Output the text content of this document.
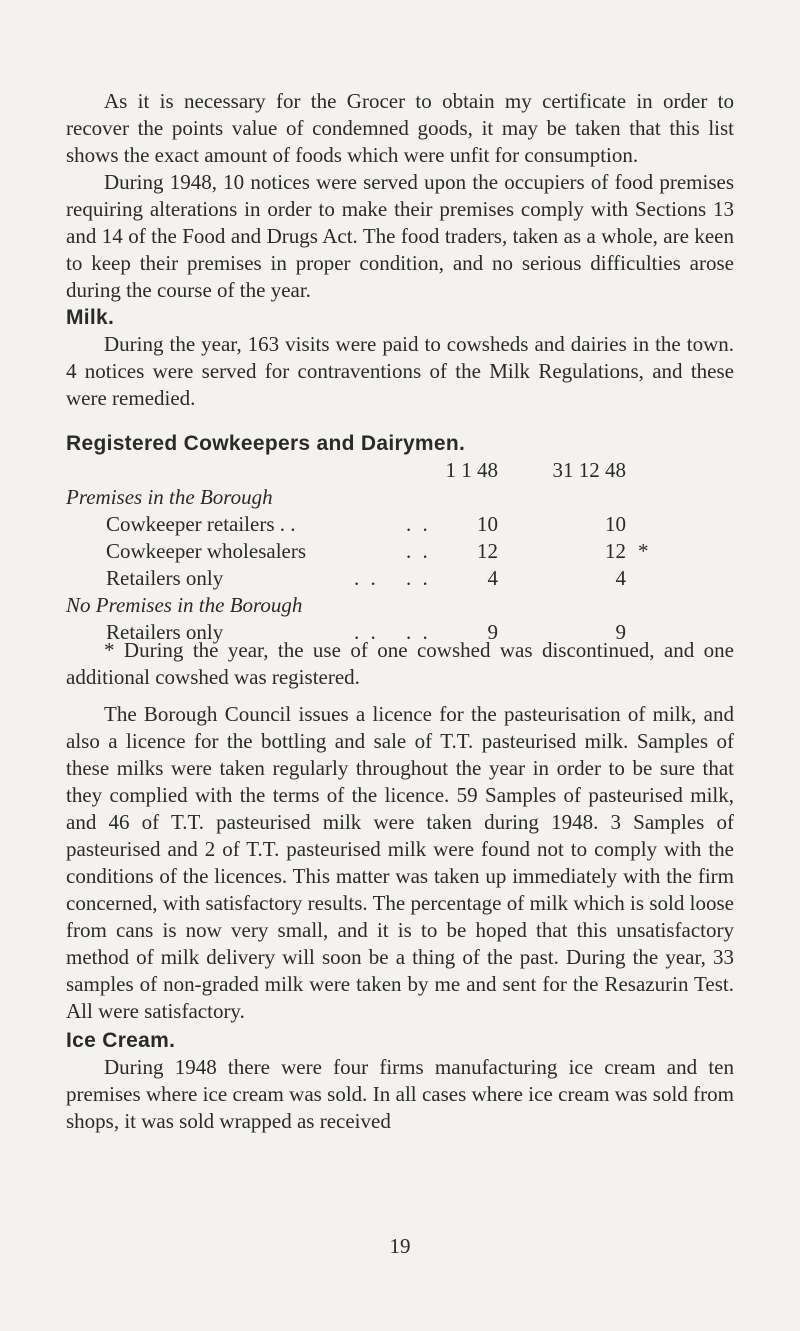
As it is necessary for the Grocer to obtain my certificate in order to recover the points value of condemned goods, it may be taken that this list shows the exact amount of foods which were unfit for consumption.

During 1948, 10 notices were served upon the occupiers of food premises requiring alterations in order to make their premises comply with Sections 13 and 14 of the Food and Drugs Act. The food traders, taken as a whole, are keen to keep their premises in proper condition, and no serious difficulties arose during the course of the year.

Milk.

During the year, 163 visits were paid to cowsheds and dairies in the town. 4 notices were served for contraventions of the Milk Regulations, and these were remedied.

Registered Cowkeepers and Dairymen.
1 1 48	31 12 48
Premises in the Borough
Cowkeeper retailers . .	. .	10	10
Cowkeeper wholesalers	. .	12	12 *
Retailers only	. . . .	4	4
No Premises in the Borough
Retailers only	. . . .	9	9

* During the year, the use of one cowshed was discontinued, and one additional cowshed was registered.

The Borough Council issues a licence for the pasteurisation of milk, and also a licence for the bottling and sale of T.T. pasteurised milk. Samples of these milks were taken regularly throughout the year in order to be sure that they complied with the terms of the licence. 59 Samples of pasteurised milk, and 46 of T.T. pasteurised milk were taken during 1948. 3 Samples of pasteurised and 2 of T.T. pasteurised milk were found not to comply with the conditions of the licences. This matter was taken up immediately with the firm concerned, with satisfactory results. The percentage of milk which is sold loose from cans is now very small, and it is to be hoped that this unsatisfactory method of milk delivery will soon be a thing of the past. During the year, 33 samples of non-graded milk were taken by me and sent for the Resazurin Test. All were satisfactory.

Ice Cream.

During 1948 there were four firms manufacturing ice cream and ten premises where ice cream was sold. In all cases where ice cream was sold from shops, it was sold wrapped as received

19
